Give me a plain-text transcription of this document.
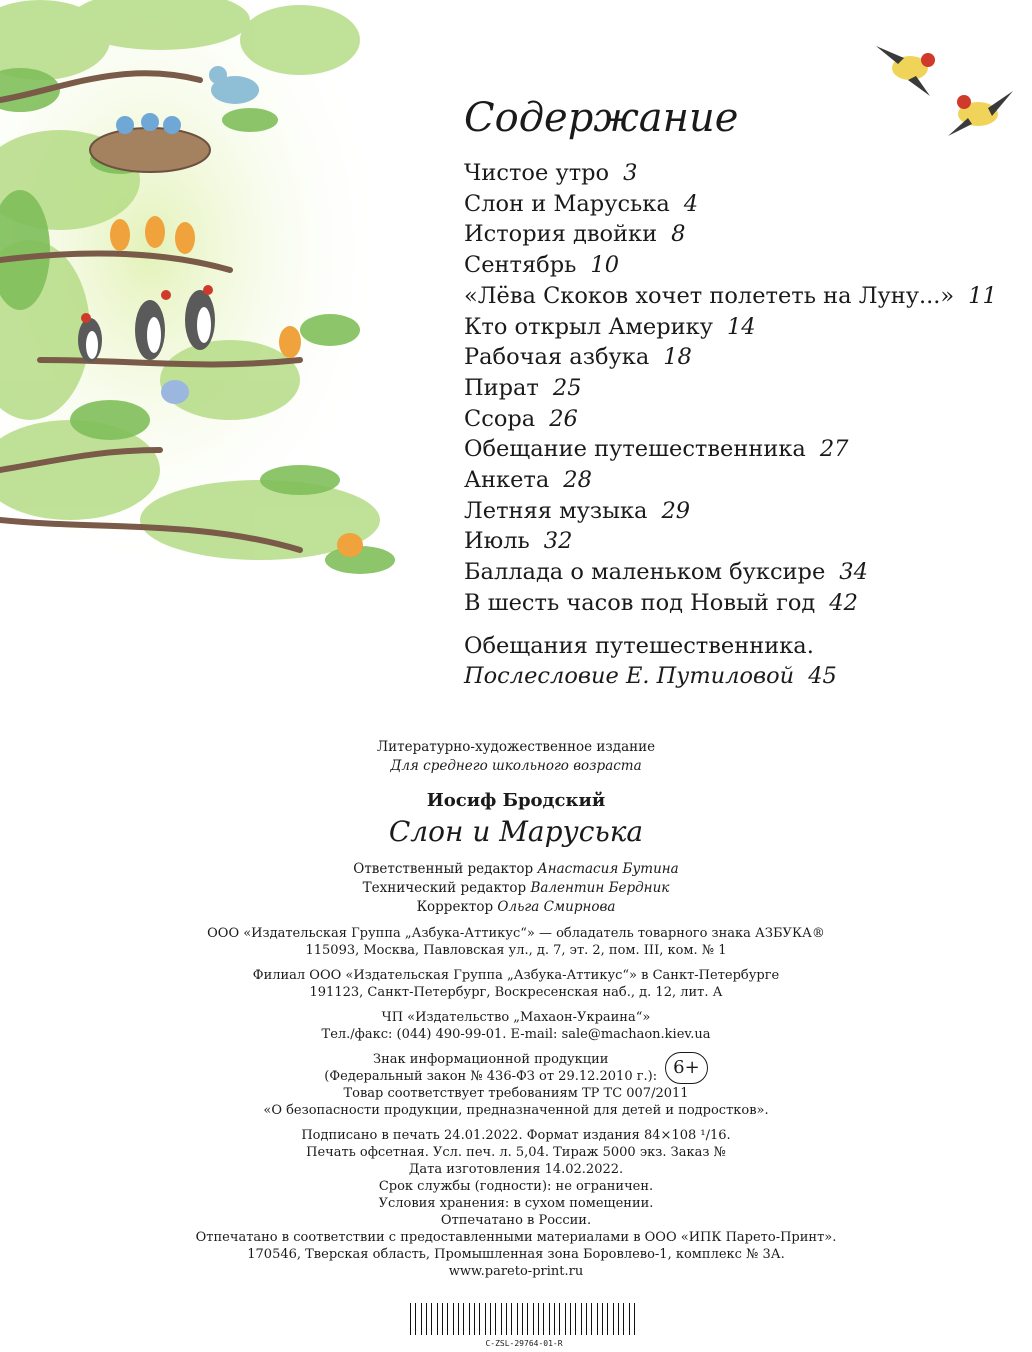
Содержание
Чистое утро 3
Слон и Маруська 4
История двойки 8
Сентябрь 10
«Лёва Скоков хочет полететь на Луну...» 11
Кто открыл Америку 14
Рабочая азбука 18
Пират 25
Ссора 26
Обещание путешественника 27
Анкета 28
Летняя музыка 29
Июль 32
Баллада о маленьком буксире 34
В шесть часов под Новый год 42
Обещания путешественника.
Послесловие Е. Путиловой 45
Литературно-художественное издание
Для среднего школьного возраста
Иосиф Бродский
Слон и Маруська
Ответственный редактор Анастасия Бутина
Технический редактор Валентин Бердник
Корректор Ольга Смирнова
ООО «Издательская Группа „Азбука-Аттикус“» — обладатель товарного знака АЗБУКА®
115093, Москва, Павловская ул., д. 7, эт. 2, пом. III, ком. № 1
Филиал ООО «Издательская Группа „Азбука-Аттикус“» в Санкт-Петербурге
191123, Санкт-Петербург, Воскресенская наб., д. 12, лит. А
ЧП «Издательство „Махаон-Украина“»
Тел./факс: (044) 490-99-01. E-mail: sale@machaon.kiev.ua
Знак информационной продукции
(Федеральный закон № 436-ФЗ от 29.12.2010 г.): 6+
Товар соответствует требованиям ТР ТС 007/2011
«О безопасности продукции, предназначенной для детей и подростков».
Подписано в печать 24.01.2022. Формат издания 84×108 ¹/16.
Печать офсетная. Усл. печ. л. 5,04. Тираж 5000 экз. Заказ №
Дата изготовления 14.02.2022.
Срок службы (годности): не ограничен.
Условия хранения: в сухом помещении.
Отпечатано в России.
Отпечатано в соответствии с предоставленными материалами в ООО «ИПК Парето-Принт».
170546, Тверская область, Промышленная зона Боровлево-1, комплекс № 3А.
www.pareto-print.ru
C-ZSL-29764-01-R
